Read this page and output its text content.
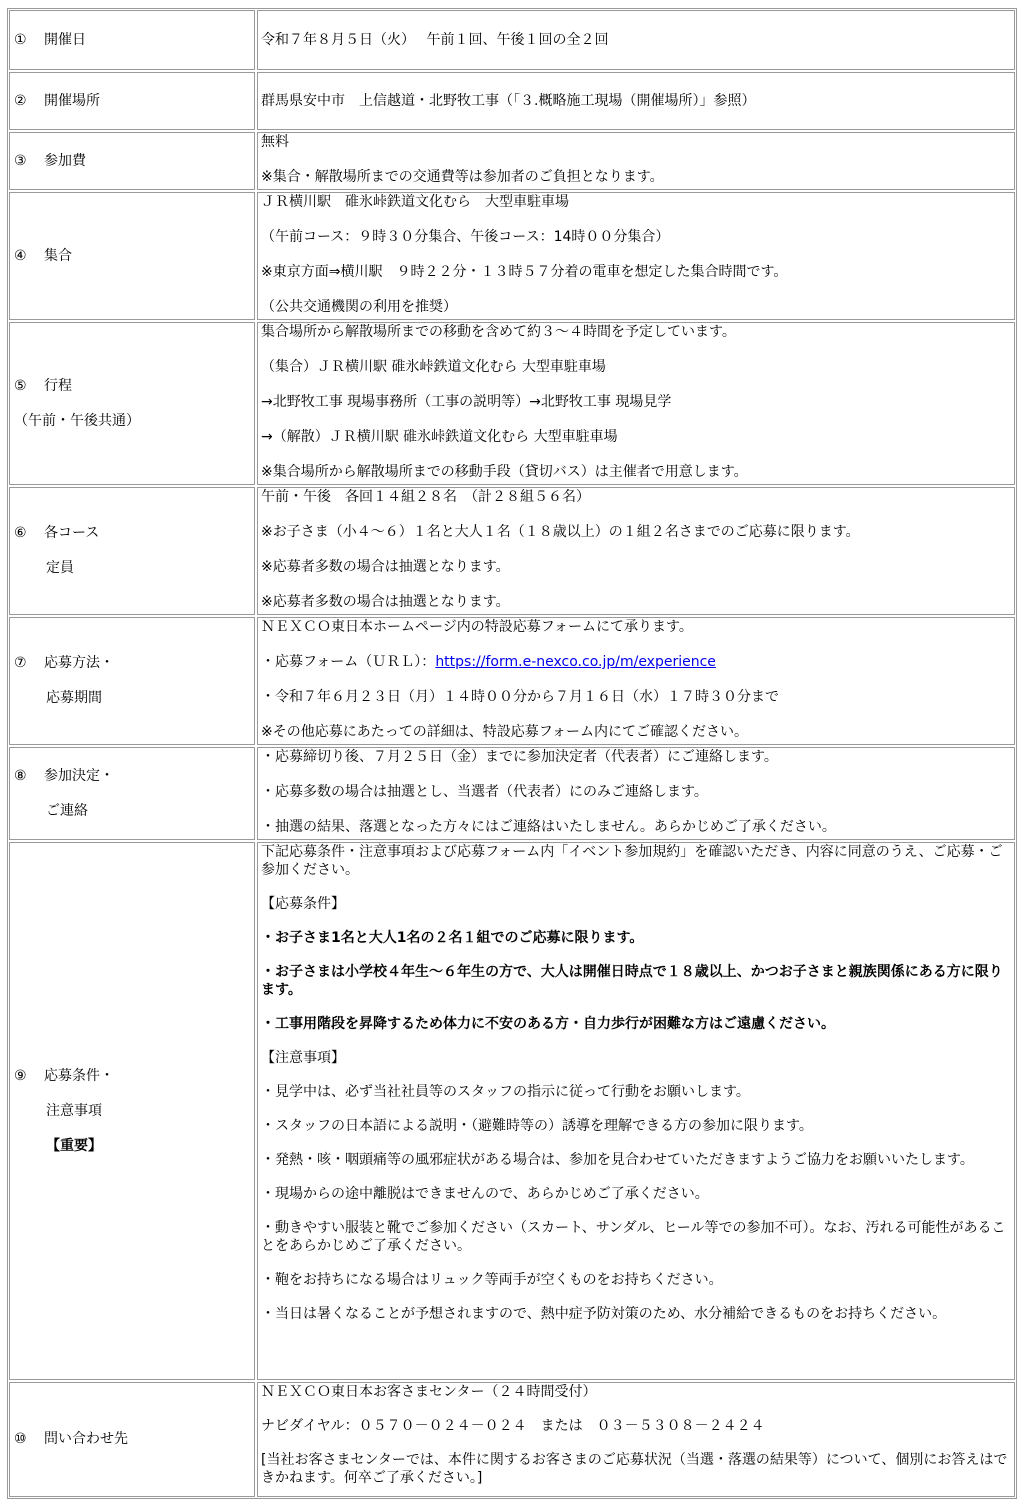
① 開催日	令和７年８月５日（火）　 午前１回、午後１回の全２回

② 開催場所	群馬県安中市　上信越道・北野牧工事（「３.概略施工現場（開催場所）」参照）

③ 参加費

無料

※集合・解散場所までの交通費等は参加者のご負担となります。

④ 集合

ＪＲ横川駅　碓氷峠鉄道文化むら　大型車駐車場

（午前コース：９時３０分集合、午後コース：14時００分集合）

※東京方面⇒横川駅　９時２２分・１３時５７分着の電車を想定した集合時間です。

（公共交通機関の利用を推奨）

⑤ 行程
（午前・午後共通）

集合場所から解散場所までの移動を含めて約３～４時間を予定しています。

（集合）ＪＲ横川駅 碓氷峠鉄道文化むら 大型車駐車場

→北野牧工事 現場事務所（工事の説明等）→北野牧工事 現場見学

→（解散）ＪＲ横川駅 碓氷峠鉄道文化むら 大型車駐車場

※集合場所から解散場所までの移動手段（貸切バス）は主催者で用意します。

⑥ 各コース
定員

午前・午後　各回１４組２８名　（計２８組５６名）

※お子さま（小４～６）１名と大人１名（１８歳以上）の１組２名さまでのご応募に限ります。

※応募者多数の場合は抽選となります。

※応募者多数の場合は抽選となります。

⑦ 応募方法・
応募期間

ＮＥＸＣＯ東日本ホームページ内の特設応募フォームにて承ります。

・応募フォーム（ＵＲＬ）：https://form.e-nexco.co.jp/m/experience

・令和７年６月２３日（月）１４時００分から７月１６日（水）１７時３０分まで

※その他応募にあたっての詳細は、特設応募フォーム内にてご確認ください。

⑧ 参加決定・
ご連絡

・応募締切り後、７月２５日（金）までに参加決定者（代表者）にご連絡します。

・応募多数の場合は抽選とし、当選者（代表者）にのみご連絡します。

・抽選の結果、落選となった方々にはご連絡はいたしません。あらかじめご了承ください。

⑨ 応募条件・
注意事項
【重要】

下記応募条件・注意事項および応募フォーム内「イベント参加規約」を確認いただき、内容に同意のうえ、ご応募・ご参加ください。

【応募条件】

・お子さま1名と大人1名の２名１組でのご応募に限ります。

・お子さまは小学校４年生～６年生の方で、大人は開催日時点で１８歳以上、かつお子さまと親族関係にある方に限ります。

・工事用階段を昇降するため体力に不安のある方・自力歩行が困難な方はご遠慮ください。

【注意事項】

・見学中は、必ず当社社員等のスタッフの指示に従って行動をお願いします。

・スタッフの日本語による説明・（避難時等の）誘導を理解できる方の参加に限ります。

・発熱・咳・咽頭痛等の風邪症状がある場合は、参加を見合わせていただきますようご協力をお願いいたします。

・現場からの途中離脱はできませんので、あらかじめご了承ください。

・動きやすい服装と靴でご参加ください（スカート、サンダル、ヒール等での参加不可）。なお、汚れる可能性があることをあらかじめご了承ください。

・鞄をお持ちになる場合はリュック等両手が空くものをお持ちください。

・当日は暑くなることが予想されますので、熱中症予防対策のため、水分補給できるものをお持ちください。

⑩ 問い合わせ先

ＮＥＸＣＯ東日本お客さまセンター（２４時間受付）

ナビダイヤル：０５７０－０２４－０２４　または　０３－５３０８－２４２４

[当社お客さまセンターでは、本件に関するお客さまのご応募状況（当選・落選の結果等）について、個別にお答えはできかねます。何卒ご了承ください。]
